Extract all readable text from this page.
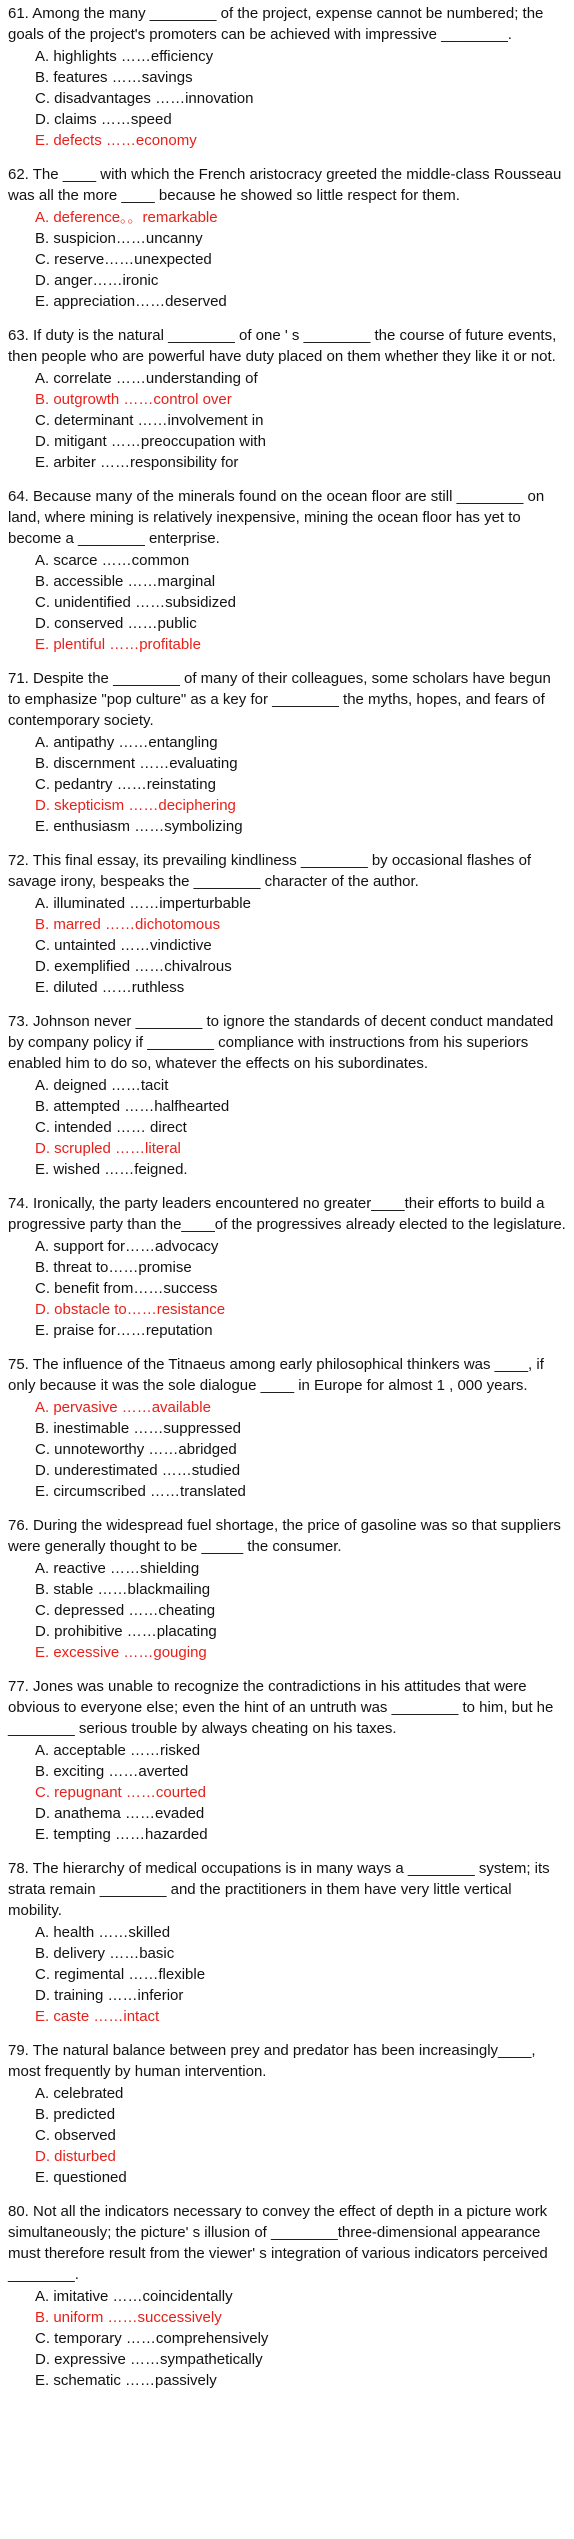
61. Among the many ________ of the project, expense cannot be numbered; the goals of the project's promoters can be achieved with impressive ________.

A. highlights ……efficiency
B. features ……savings
C. disadvantages ……innovation
D. claims ……speed
E. defects ……economy

62. The ____ with which the French aristocracy greeted the middle-class Rousseau was all the more ____ because he showed so little respect for them.

A. deference。。remarkable
B. suspicion……uncanny
C. reserve……unexpected
D. anger……ironic
E. appreciation……deserved

63. If duty is the natural ________ of one ' s ________ the course of future events, then people who are powerful have duty placed on them whether they like it or not.

A. correlate ……understanding of
B. outgrowth ……control over
C. determinant ……involvement in
D. mitigant ……preoccupation with
E. arbiter ……responsibility for

64. Because many of the minerals found on the ocean floor are still ________ on land, where mining is relatively inexpensive, mining the ocean floor has yet to become a ________ enterprise.

A. scarce ……common
B. accessible ……marginal
C. unidentified ……subsidized
D. conserved ……public
E. plentiful ……profitable

71. Despite the ________ of many of their colleagues, some scholars have begun to emphasize "pop culture" as a key for ________ the myths, hopes, and fears of contemporary society.

A. antipathy ……entangling
B. discernment ……evaluating
C. pedantry ……reinstating
D. skepticism ……deciphering
E. enthusiasm ……symbolizing

72. This final essay, its prevailing kindliness ________ by occasional flashes of savage irony, bespeaks the ________ character of the author.

A. illuminated ……imperturbable
B. marred ……dichotomous
C. untainted ……vindictive
D. exemplified ……chivalrous
E. diluted ……ruthless

73. Johnson never ________ to ignore the standards of decent conduct mandated by company policy if ________ compliance with instructions from his superiors enabled him to do so, whatever the effects on his subordinates.

A. deigned ……tacit
B. attempted ……halfhearted
C. intended …… direct
D. scrupled ……literal
E. wished ……feigned.

74. Ironically, the party leaders encountered no greater____their efforts to build a progressive party than the____of the progressives already elected to the legislature.

A. support for……advocacy
B. threat to……promise
C. benefit from……success
D. obstacle to……resistance
E. praise for……reputation

75. The influence of the Titnaeus among early philosophical thinkers was ____, if only because it was the sole dialogue ____ in Europe for almost 1 , 000 years.

A. pervasive ……available
B. inestimable ……suppressed
C. unnoteworthy ……abridged
D. underestimated ……studied
E. circumscribed ……translated

76. During the widespread fuel shortage, the price of gasoline was so that suppliers were generally thought to be _____ the consumer.

A. reactive ……shielding
B. stable ……blackmailing
C. depressed ……cheating
D. prohibitive ……placating
E. excessive ……gouging

77. Jones was unable to recognize the contradictions in his attitudes that were obvious to everyone else; even the hint of an untruth was ________ to him, but he ________ serious trouble by always cheating on his taxes.

A. acceptable ……risked
B. exciting ……averted
C. repugnant ……courted
D. anathema ……evaded
E. tempting ……hazarded

78. The hierarchy of medical occupations is in many ways a ________ system; its strata remain ________ and the practitioners in them have very little vertical mobility.

A. health ……skilled
B. delivery ……basic
C. regimental ……flexible
D. training ……inferior
E. caste ……intact

79. The natural balance between prey and predator has been increasingly____, most frequently by human intervention.

A. celebrated
B. predicted
C. observed
D. disturbed
E. questioned

80. Not all the indicators necessary to convey the effect of depth in a picture work simultaneously; the picture' s illusion of ________three-dimensional appearance must therefore result from the viewer' s integration of various indicators perceived ________.

A. imitative ……coincidentally
B. uniform ……successively
C. temporary ……comprehensively
D. expressive ……sympathetically
E. schematic ……passively
